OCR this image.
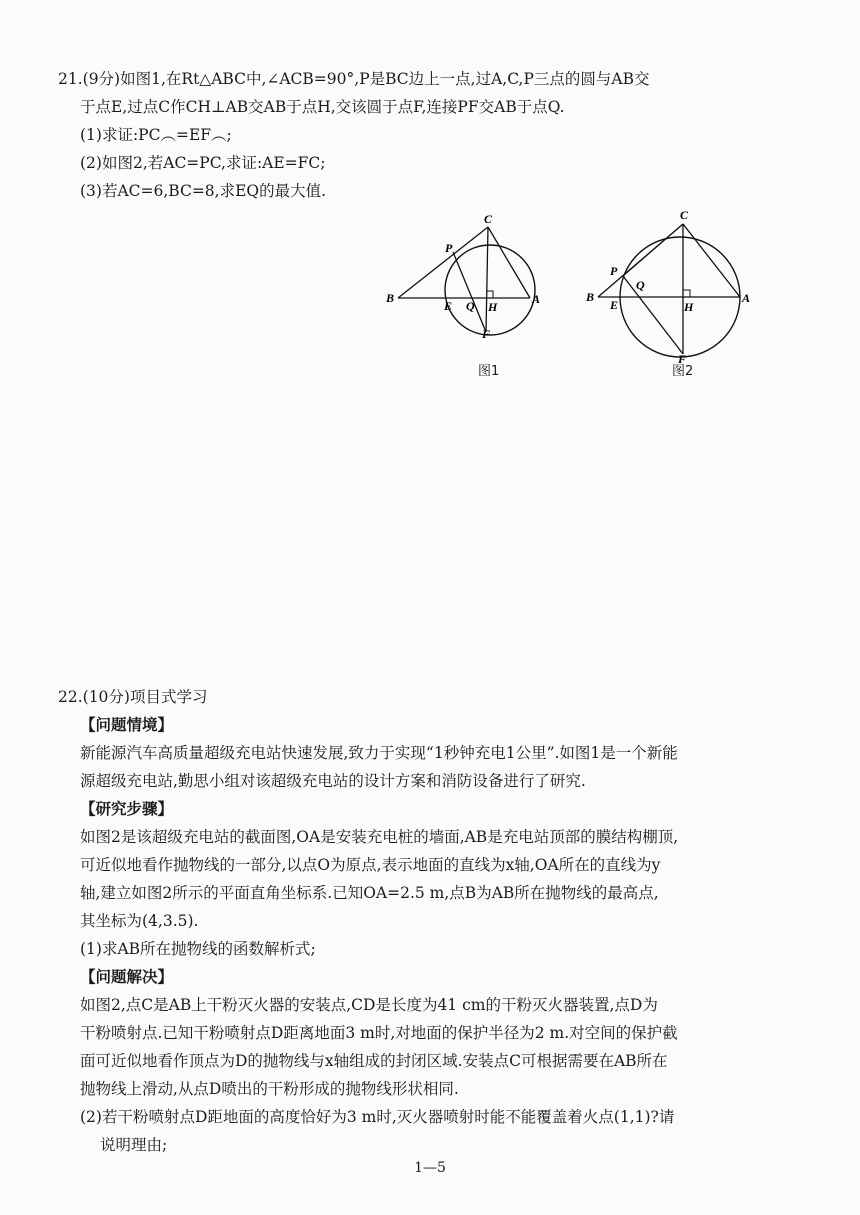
21.(9分)如图1,在Rt△ABC中,∠ACB=90°,P是BC边上一点,过A,C,P三点的圆与AB交
于点E,过点C作CH⊥AB交AB于点H,交该圆于点F,连接PF交AB于点Q.
(1)求证:PC︵=EF︵;
(2)如图2,若AC=PC,求证:AE=FC;
(3)若AC=6,BC=8,求EQ的最大值.
C
P
B
E Q H
A
F
图1
C
P
B
E
Q
H
A
F
图2
22.(10分)项目式学习
【问题情境】
新能源汽车高质量超级充电站快速发展,致力于实现“1秒钟充电1公里”.如图1是一个新能
源超级充电站,勤思小组对该超级充电站的设计方案和消防设备进行了研究.
【研究步骤】
如图2是该超级充电站的截面图,OA是安装充电桩的墙面,AB是充电站顶部的膜结构棚顶,
可近似地看作抛物线的一部分,以点O为原点,表示地面的直线为x轴,OA所在的直线为y
轴,建立如图2所示的平面直角坐标系.已知OA=2.5 m,点B为AB所在抛物线的最高点,
其坐标为(4,3.5).
(1)求AB所在抛物线的函数解析式;
【问题解决】
如图2,点C是AB上干粉灭火器的安装点,CD是长度为41 cm的干粉灭火器装置,点D为
干粉喷射点.已知干粉喷射点D距离地面3 m时,对地面的保护半径为2 m.对空间的保护截
面可近似地看作顶点为D的抛物线与x轴组成的封闭区域.安装点C可根据需要在AB所在
抛物线上滑动,从点D喷出的干粉形成的抛物线形状相同.
(2)若干粉喷射点D距地面的高度恰好为3 m时,灭火器喷射时能不能覆盖着火点(1,1)?请
说明理由;
1—5
